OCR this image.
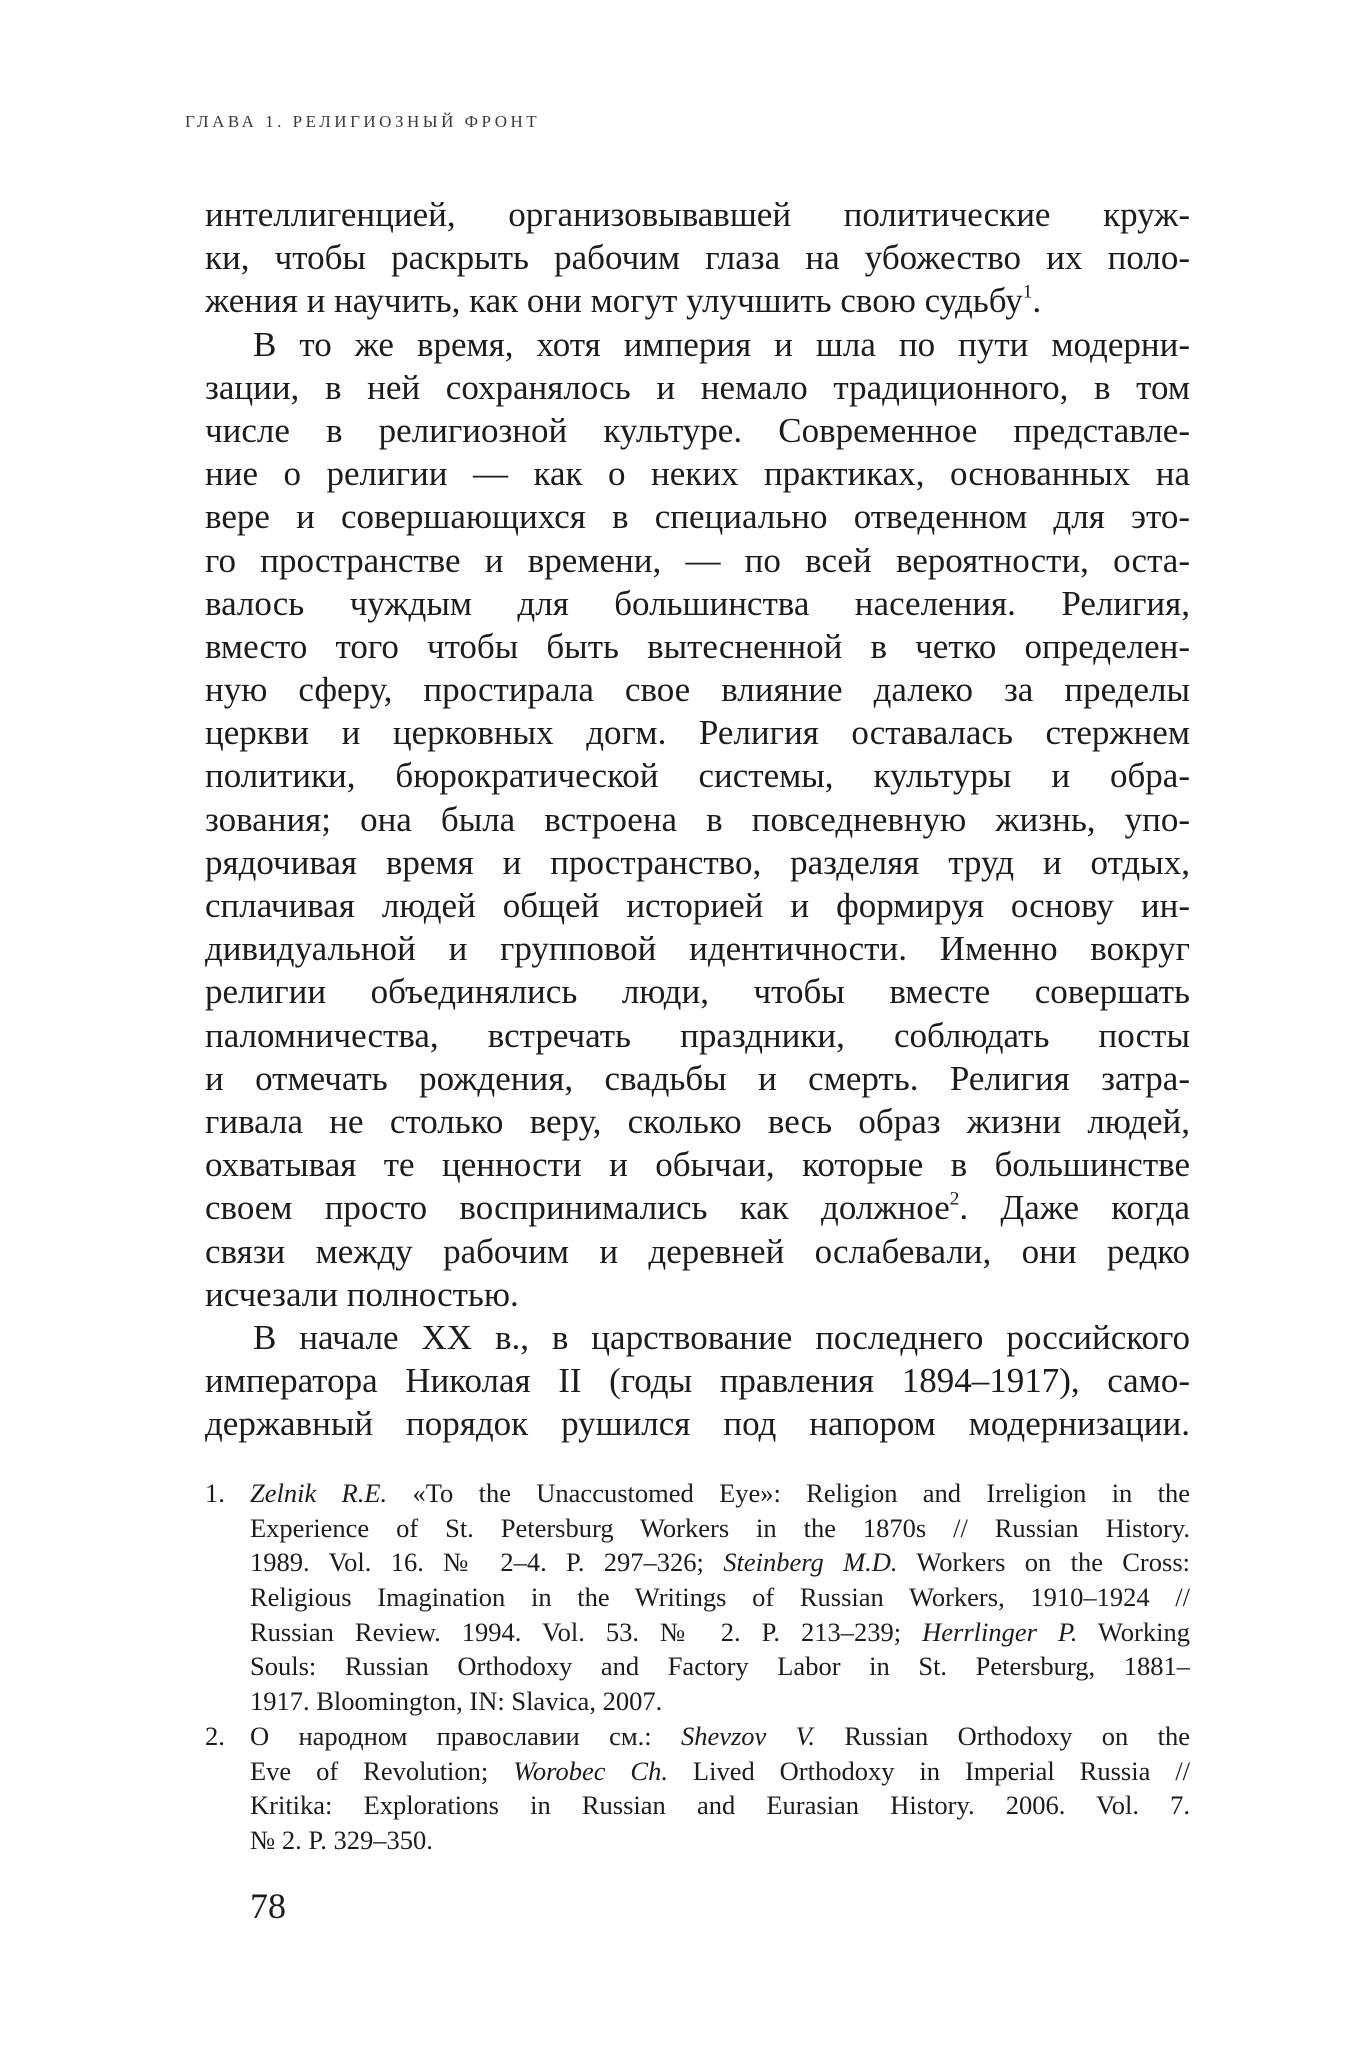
ГЛАВА 1. РЕЛИГИОЗНЫЙ ФРОНТ
интеллигенцией, организовывавшей политические круж-
ки, чтобы раскрыть рабочим глаза на убожество их поло-
жения и научить, как они могут улучшить свою судьбу$^1$.
В то же время, хотя империя и шла по пути модерни-
зации, в ней сохранялось и немало традиционного, в том
числе в религиозной культуре. Современное представле-
ние о религии — как о неких практиках, основанных на
вере и совершающихся в специально отведенном для это-
го пространстве и времени, — по всей вероятности, оста-
валось чуждым для большинства населения. Религия,
вместо того чтобы быть вытесненной в четко определен-
ную сферу, простирала свое влияние далеко за пределы
церкви и церковных догм. Религия оставалась стержнем
политики, бюрократической системы, культуры и обра-
зования; она была встроена в повседневную жизнь, упо-
рядочивая время и пространство, разделяя труд и отдых,
сплачивая людей общей историей и формируя основу ин-
дивидуальной и групповой идентичности. Именно вокруг
религии объединялись люди, чтобы вместе совершать
паломничества, встречать праздники, соблюдать посты
и отмечать рождения, свадьбы и смерть. Религия затра-
гивала не столько веру, сколько весь образ жизни людей,
охватывая те ценности и обычаи, которые в большинстве
своем просто воспринимались как должное$^2$. Даже когда
связи между рабочим и деревней ослабевали, они редко
исчезали полностью.
В начале XX в., в царствование последнего российского
императора Николая II (годы правления 1894–1917), само-
державный порядок рушился под напором модернизации.
1. Zelnik R.E. «To the Unaccustomed Eye»: Religion and Irreligion in the
Experience of St. Petersburg Workers in the 1870s // Russian History.
1989. Vol. 16. № 2–4. P. 297–326; Steinberg M.D. Workers on the Cross:
Religious Imagination in the Writings of Russian Workers, 1910–1924 //
Russian Review. 1994. Vol. 53. № 2. P. 213–239; Herrlinger P. Working
Souls: Russian Orthodoxy and Factory Labor in St. Petersburg, 1881–
1917. Bloomington, IN: Slavica, 2007.
2. О народном православии см.: Shevzov V. Russian Orthodoxy on the
Eve of Revolution; Worobec Ch. Lived Orthodoxy in Imperial Russia //
Kritika: Explorations in Russian and Eurasian History. 2006. Vol. 7.
№ 2. P. 329–350.
78
